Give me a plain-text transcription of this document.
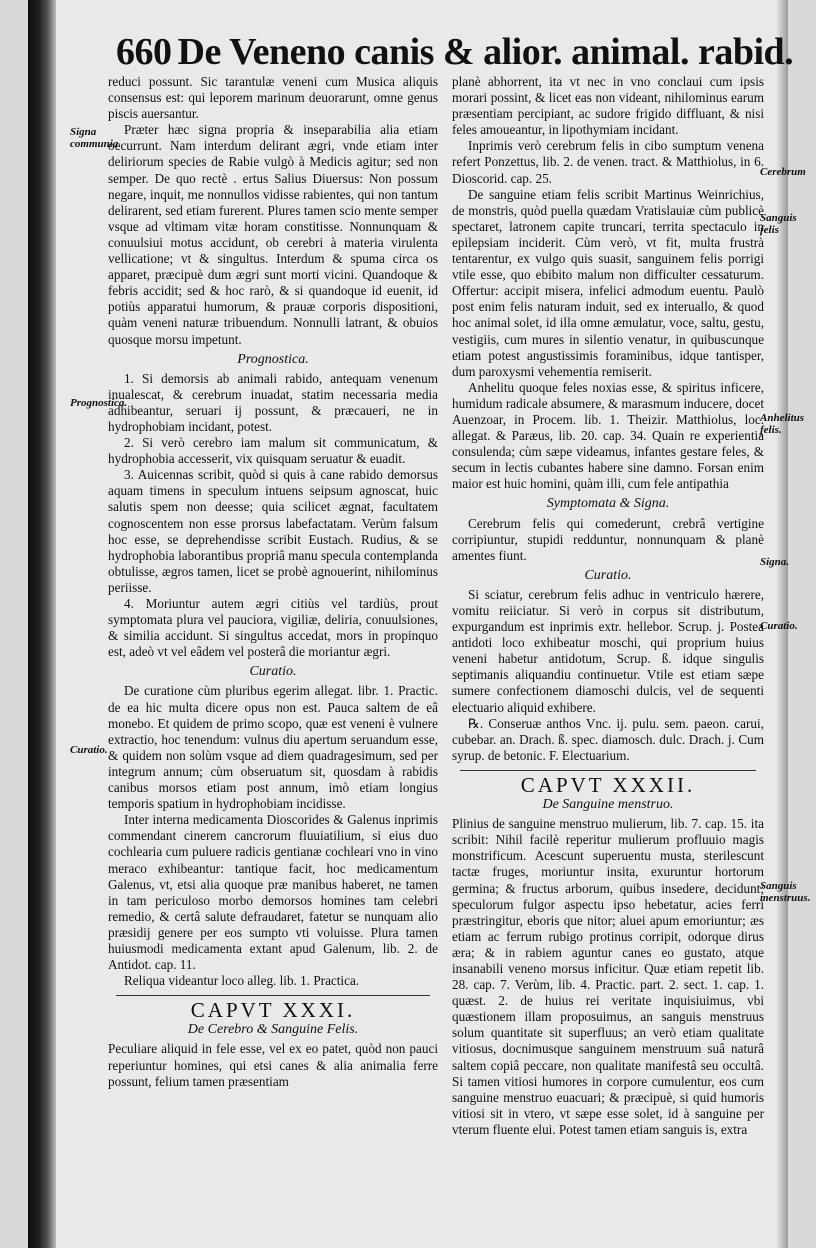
660 De Veneno canis & alior. animal. rabid.
Signa communia.
Prognostica.
Curatio.
Cerebrum
Sanguis felis
Anhelitus felis.
Signa.
Curatio.
Sanguis menstruus.

reduci possunt. Sic tarantulæ veneni cum Musica aliquis consensus est: qui leporem marinum deuorarunt, omne genus piscis auersantur.

Præter hæc signa propria & inseparabilia alia etiam occurrunt. Nam interdum delirant ægri, vnde etiam inter deliriorum species de Rabie vulgò à Medicis agitur; sed non semper. De quo rectè . ertus Salius Diuersus: Non possum negare, inquit, me nonnullos vidisse rabientes, qui non tantum delirarent, sed etiam furerent. Plures tamen scio mente semper vsque ad vltimam vitæ horam constitisse. Nonnunquam & conuulsiui motus accidunt, ob cerebri à materia virulenta vellicatione; vt & singultus. Interdum & spuma circa os apparet, præcipuè dum ægri sunt morti vicini. Quandoque & febris accidit; sed & hoc rarò, & si quandoque id euenit, id potiùs apparatui humorum, & prauæ corporis dispositioni, quàm veneni naturæ tribuendum. Nonnulli latrant, & obuios quosque morsu impetunt.

Prognostica.

1. Si demorsis ab animali rabido, antequam venenum inualescat, & cerebrum inuadat, statim necessaria media adhibeantur, seruari ij possunt, & præcaueri, ne in hydrophobiam incidant, potest.

2. Si verò cerebro iam malum sit communicatum, & hydrophobia accesserit, vix quisquam seruatur & euadit.

3. Auicennas scribit, quòd si quis à cane rabido demorsus aquam timens in speculum intuens seipsum agnoscat, huic salutis spem non deesse; quia scilicet ægnat, facultatem cognoscentem non esse prorsus labefactatam. Verùm falsum hoc esse, se deprehendisse scribit Eustach. Rudius, & se hydrophobia laborantibus propriâ manu specula contemplanda obtulisse, ægros tamen, licet se probè agnouerint, nihilominus periisse.

4. Moriuntur autem ægri citiùs vel tardiùs, prout symptomata plura vel pauciora, vigiliæ, deliria, conuulsiones, & similia accidunt. Si singultus accedat, mors in propinquo est, adeò vt vel eâdem vel posterâ die moriantur ægri.

Curatio.

De curatione cùm pluribus egerim allegat. libr. 1. Practic. de ea hic multa dicere opus non est. Pauca saltem de eâ monebo. Et quidem de primo scopo, quæ est veneni è vulnere extractio, hoc tenendum: vulnus diu apertum seruandum esse, & quidem non solùm vsque ad diem quadragesimum, sed per integrum annum; cùm obseruatum sit, quosdam à rabidis canibus morsos etiam post annum, imò etiam longius temporis spatium in hydrophobiam incidisse.

Inter interna medicamenta Dioscorides & Galenus inprimis commendant cinerem cancrorum fluuiatilium, si eius duo cochlearia cum puluere radicis gentianæ cochleari vno in vino meraco exhibeantur: tantique facit, hoc medicamentum Galenus, vt, etsi alia quoque præ manibus haberet, ne tamen in tam periculoso morbo demorsos homines tam celebri remedio, & certâ salute defraudaret, fatetur se nunquam alio præsidij genere per eos sumpto vti voluisse. Plura tamen huiusmodi medicamenta extant apud Galenum, lib. 2. de Antidot. cap. 11.

Reliqua videantur loco alleg. lib. 1. Practica.

CAPVT XXXI.
De Cerebro & Sanguine Felis.

Peculiare aliquid in fele esse, vel ex eo patet, quòd non pauci reperiuntur homines, qui etsi canes & alia animalia ferre possunt, felium tamen præsentiam

planè abhorrent, ita vt nec in vno conclaui cum ipsis morari possint, & licet eas non videant, nihilominus earum præsentiam percipiant, ac sudore frigido diffluant, & nisi feles amoueantur, in lipothymiam incidant.

Inprimis verò cerebrum felis in cibo sumptum venena refert Ponzettus, lib. 2. de venen. tract. & Matthiolus, in 6. Dioscorid. cap. 25.

De sanguine etiam felis scribit Martinus Weinrichius, de monstris, quòd puella quædam Vratislauiæ cùm publicè spectaret, latronem capite truncari, territa spectaculo in epilepsiam inciderit. Cùm verò, vt fit, multa frustrà tentarentur, ex vulgo quis suasit, sanguinem felis porrigi vtile esse, quo ebibito malum non difficulter cessaturum. Offertur: accipit misera, infelici admodum euentu. Paulò post enim felis naturam induit, sed ex interuallo, & quod hoc animal solet, id illa omne æmulatur, voce, saltu, gestu, vestigiis, cum mures in silentio venatur, in quibuscunque etiam potest angustissimis foraminibus, idque tantisper, dum paroxysmi vehementia remiserit.

Anhelitu quoque feles noxias esse, & spiritus inficere, humidum radicale absumere, & marasmum inducere, docet Auenzoar, in Procem. lib. 1. Theizir. Matthiolus, loc. allegat. & Paræus, lib. 20. cap. 34. Quain re experientia consulenda; cùm sæpe videamus, infantes gestare feles, & secum in lectis cubantes habere sine damno. Forsan enim maior est huic homini, quàm illi, cum fele antipathia

Symptomata & Signa.

Cerebrum felis qui comederunt, crebrâ vertigine corripiuntur, stupidi redduntur, nonnunquam & planè amentes fiunt.

Curatio.

Si sciatur, cerebrum felis adhuc in ventriculo hærere, vomitu reiiciatur. Si verò in corpus sit distributum, expurgandum est inprimis extr. hellebor. Scrup. j. Postea antidoti loco exhibeatur moschi, qui proprium huius veneni habetur antidotum, Scrup. ß. idque singulis septimanis aliquandiu continuetur. Vtile est etiam sæpe sumere confectionem diamoschi dulcis, vel de sequenti electuario aliquid exhibere.

℞. Conseruæ anthos Vnc. ij. pulu. sem. paeon. carui, cubebar. an. Drach. ß. spec. diamosch. dulc. Drach. j. Cum syrup. de betonic. F. Electuarium.

CAPVT XXXII.
De Sanguine menstruo.

Plinius de sanguine menstruo mulierum, lib. 7. cap. 15. ita scribit: Nihil facilè reperitur mulierum profluuio magis monstrificum. Acescunt superuentu musta, sterilescunt tactæ fruges, moriuntur insita, exuruntur hortorum germina; & fructus arborum, quibus insedere, decidunt; speculorum fulgor aspectu ipso hebetatur, acies ferri præstringitur, eboris que nitor; aluei apum emoriuntur; æs etiam ac ferrum rubigo protinus corripit, odorque dirus æra; & in rabiem aguntur canes eo gustato, atque insanabili veneno morsus inficitur. Quæ etiam repetit lib. 28. cap. 7. Verùm, lib. 4. Practic. part. 2. sect. 1. cap. 1. quæst. 2. de huius rei veritate inquisiuimus, vbi quæstionem illam proposuimus, an sanguis menstruus solum quantitate sit superfluus; an verò etiam qualitate vitiosus, docnimusque sanguinem menstruum suâ naturâ saltem copiâ peccare, non qualitate manifestâ seu occultâ. Si tamen vitiosi humores in corpore cumulentur, eos cum sanguine menstruo euacuari; & præcipuè, si quid humoris vitiosi sit in vtero, vt sæpe esse solet, id à sanguine per vterum fluente elui. Potest tamen etiam sanguis is, extra
